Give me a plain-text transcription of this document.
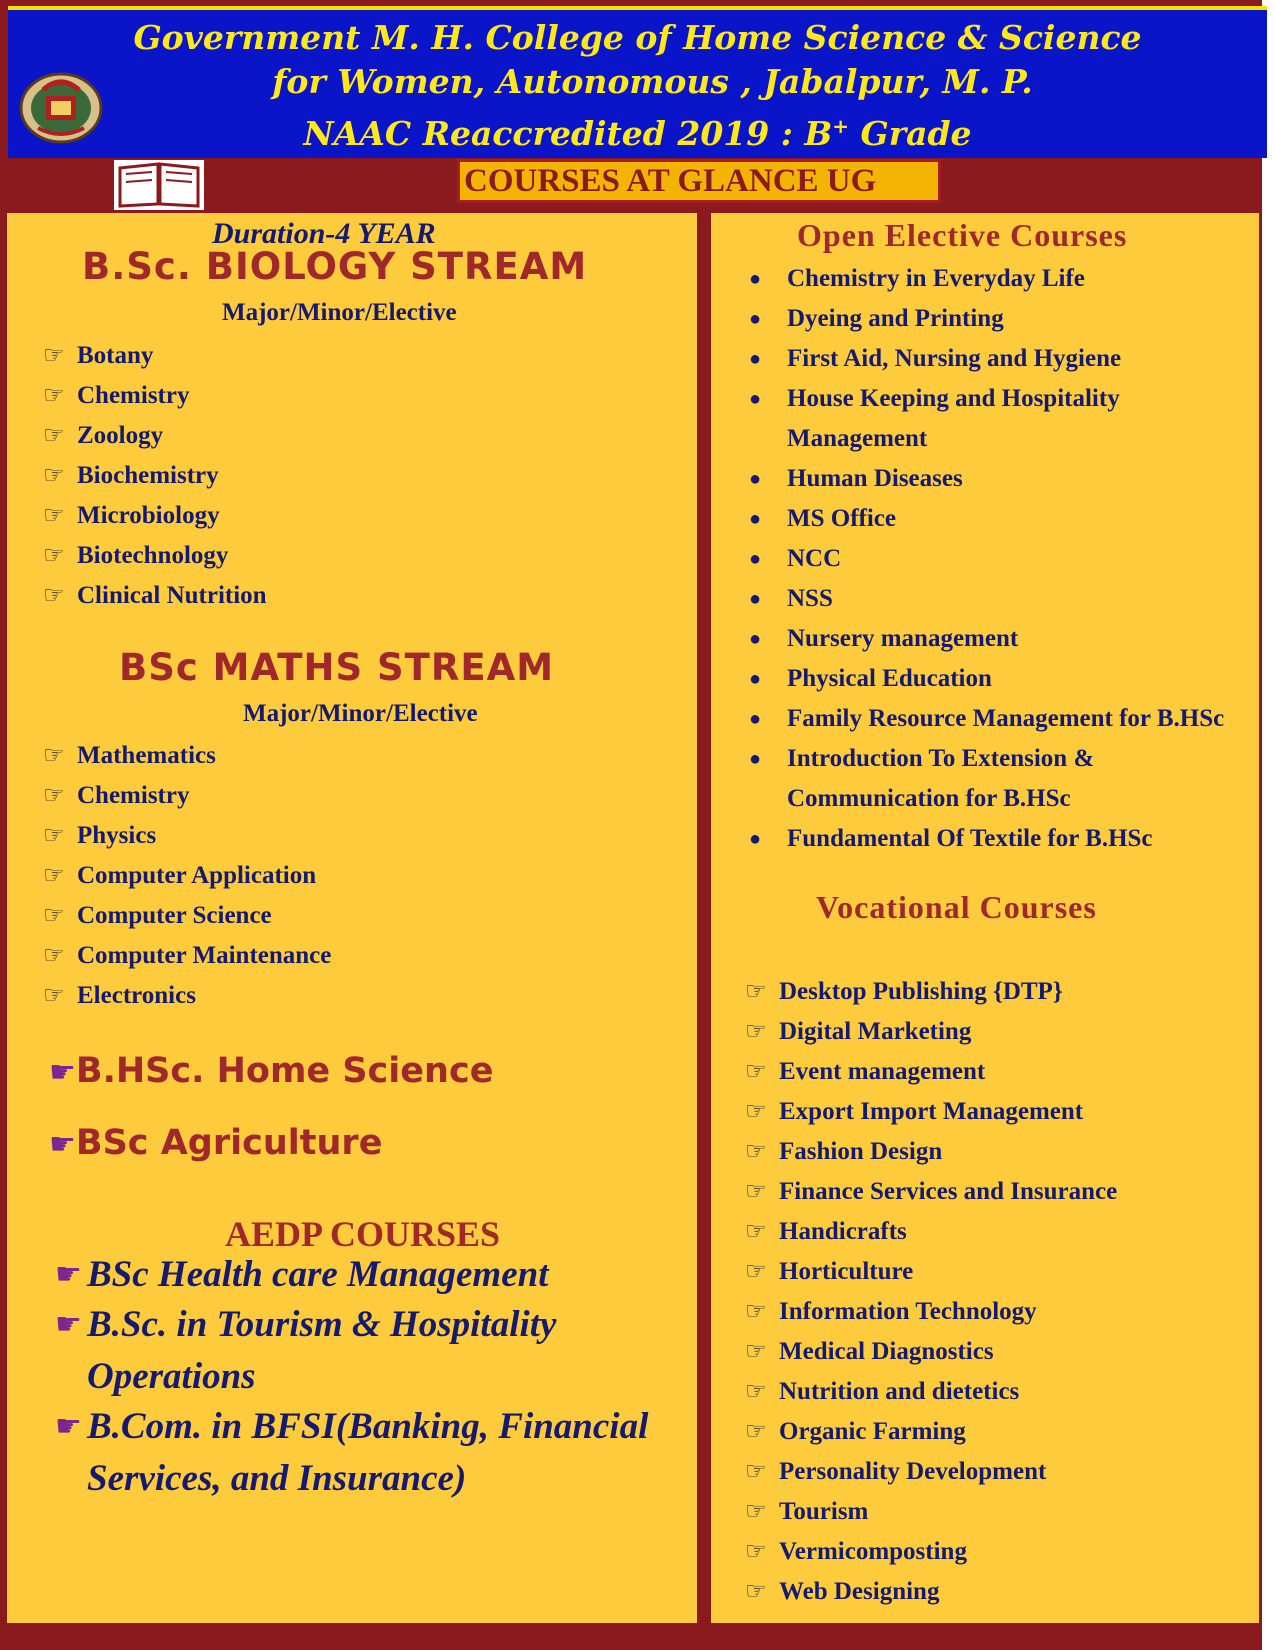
Government M. H. College of Home Science & Science
for Women, Autonomous , Jabalpur, M. P.
NAAC Reaccredited 2019 : B+ Grade
COURSES AT GLANCE UG
Duration-4 YEAR
B.Sc. BIOLOGY STREAM
Major/Minor/Elective
☞ Botany
☞ Chemistry
☞ Zoology
☞ Biochemistry
☞ Microbiology
☞ Biotechnology
☞ Clinical Nutrition
BSc MATHS STREAM
Major/Minor/Elective
☞ Mathematics
☞ Chemistry
☞ Physics
☞ Computer Application
☞ Computer Science
☞ Computer Maintenance
☞ Electronics
☛B.HSc. Home Science
☛BSc Agriculture
AEDP COURSES
☛ BSc Health care Management
☛ B.Sc. in Tourism & Hospitality
Operations
☛ B.Com. in BFSI(Banking, Financial
Services, and Insurance)
Open Elective Courses
● Chemistry in Everyday Life
● Dyeing and Printing
● First Aid, Nursing and Hygiene
● House Keeping and Hospitality
Management
● Human Diseases
● MS Office
● NCC
● NSS
● Nursery management
● Physical Education
● Family Resource Management for B.HSc
● Introduction To Extension &
Communication for B.HSc
● Fundamental Of Textile for B.HSc
Vocational Courses
☞ Desktop Publishing {DTP}
☞ Digital Marketing
☞ Event management
☞ Export Import Management
☞ Fashion Design
☞ Finance Services and Insurance
☞ Handicrafts
☞ Horticulture
☞ Information Technology
☞ Medical Diagnostics
☞ Nutrition and dietetics
☞ Organic Farming
☞ Personality Development
☞ Tourism
☞ Vermicomposting
☞ Web Designing
